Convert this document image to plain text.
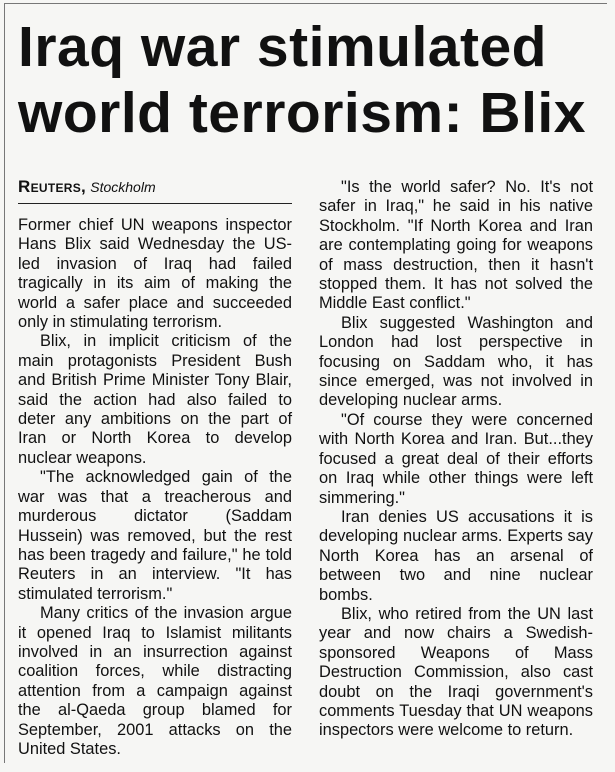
Iraq war stimulated world terrorism: Blix
Reuters, Stockholm

Former chief UN weapons inspector Hans Blix said Wednesday the US-led invasion of Iraq had failed tragically in its aim of making the world a safer place and succeeded only in stimulating terrorism.

Blix, in implicit criticism of the main protagonists President Bush and British Prime Minister Tony Blair, said the action had also failed to deter any ambitions on the part of Iran or North Korea to develop nuclear weapons.

"The acknowledged gain of the war was that a treacherous and murderous dictator (Saddam Hussein) was removed, but the rest has been tragedy and failure," he told Reuters in an interview. "It has stimulated terrorism."

Many critics of the invasion argue it opened Iraq to Islamist militants involved in an insurrection against coalition forces, while distracting attention from a campaign against the al-Qaeda group blamed for September, 2001 attacks on the United States.

"Is the world safer? No. It's not safer in Iraq," he said in his native Stockholm. "If North Korea and Iran are contemplating going for weapons of mass destruction, then it hasn't stopped them. It has not solved the Middle East conflict."

Blix suggested Washington and London had lost perspective in focusing on Saddam who, it has since emerged, was not involved in developing nuclear arms.

"Of course they were concerned with North Korea and Iran. But...they focused a great deal of their efforts on Iraq while other things were left simmering."

Iran denies US accusations it is developing nuclear arms. Experts say North Korea has an arsenal of between two and nine nuclear bombs.

Blix, who retired from the UN last year and now chairs a Swedish-sponsored Weapons of Mass Destruction Commission, also cast doubt on the Iraqi government's comments Tuesday that UN weapons inspectors were welcome to return.
